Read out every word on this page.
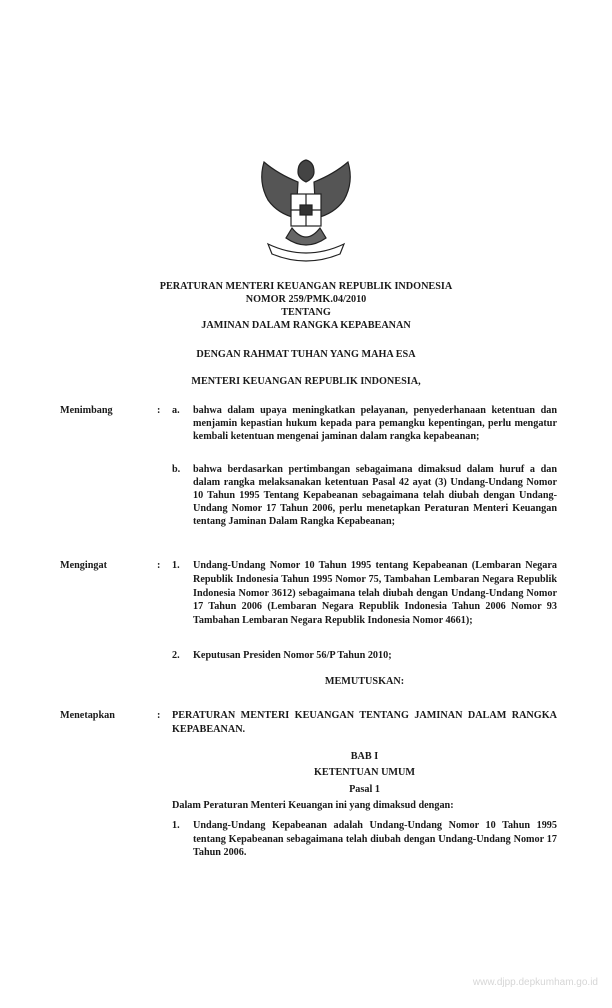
PERATURAN MENTERI KEUANGAN REPUBLIK INDONESIA
NOMOR 259/PMK.04/2010
TENTANG
JAMINAN DALAM RANGKA KEPABEANAN
DENGAN RAHMAT TUHAN YANG MAHA ESA
MENTERI KEUANGAN REPUBLIK INDONESIA,
Menimbang	: a. bahwa dalam upaya meningkatkan pelayanan, penyederhanaan ketentuan dan menjamin kepastian hukum kepada para pemangku kepentingan, perlu mengatur kembali ketentuan mengenai jaminan dalam rangka kepabeanan;
b. bahwa berdasarkan pertimbangan sebagaimana dimaksud dalam huruf a dan dalam rangka melaksanakan ketentuan Pasal 42 ayat (3) Undang-Undang Nomor 10 Tahun 1995 Tentang Kepabeanan sebagaimana telah diubah dengan Undang-Undang Nomor 17 Tahun 2006, perlu menetapkan Peraturan Menteri Keuangan tentang Jaminan Dalam Rangka Kepabeanan;
Mengingat	: 1. Undang-Undang Nomor 10 Tahun 1995 tentang Kepabeanan (Lembaran Negara Republik Indonesia Tahun 1995 Nomor 75, Tambahan Lembaran Negara Republik Indonesia Nomor 3612) sebagaimana telah diubah dengan Undang-Undang Nomor 17 Tahun 2006 (Lembaran Negara Republik Indonesia Tahun 2006 Nomor 93 Tambahan Lembaran Negara Republik Indonesia Nomor 4661);
2. Keputusan Presiden Nomor 56/P Tahun 2010;
MEMUTUSKAN:
Menetapkan	: PERATURAN MENTERI KEUANGAN TENTANG JAMINAN DALAM RANGKA KEPABEANAN.
BAB I
KETENTUAN UMUM
Pasal 1
Dalam Peraturan Menteri Keuangan ini yang dimaksud dengan:
1. Undang-Undang Kepabeanan adalah Undang-Undang Nomor 10 Tahun 1995 tentang Kepabeanan sebagaimana telah diubah dengan Undang-Undang Nomor 17 Tahun 2006.
www.djpp.depkumham.go.id
